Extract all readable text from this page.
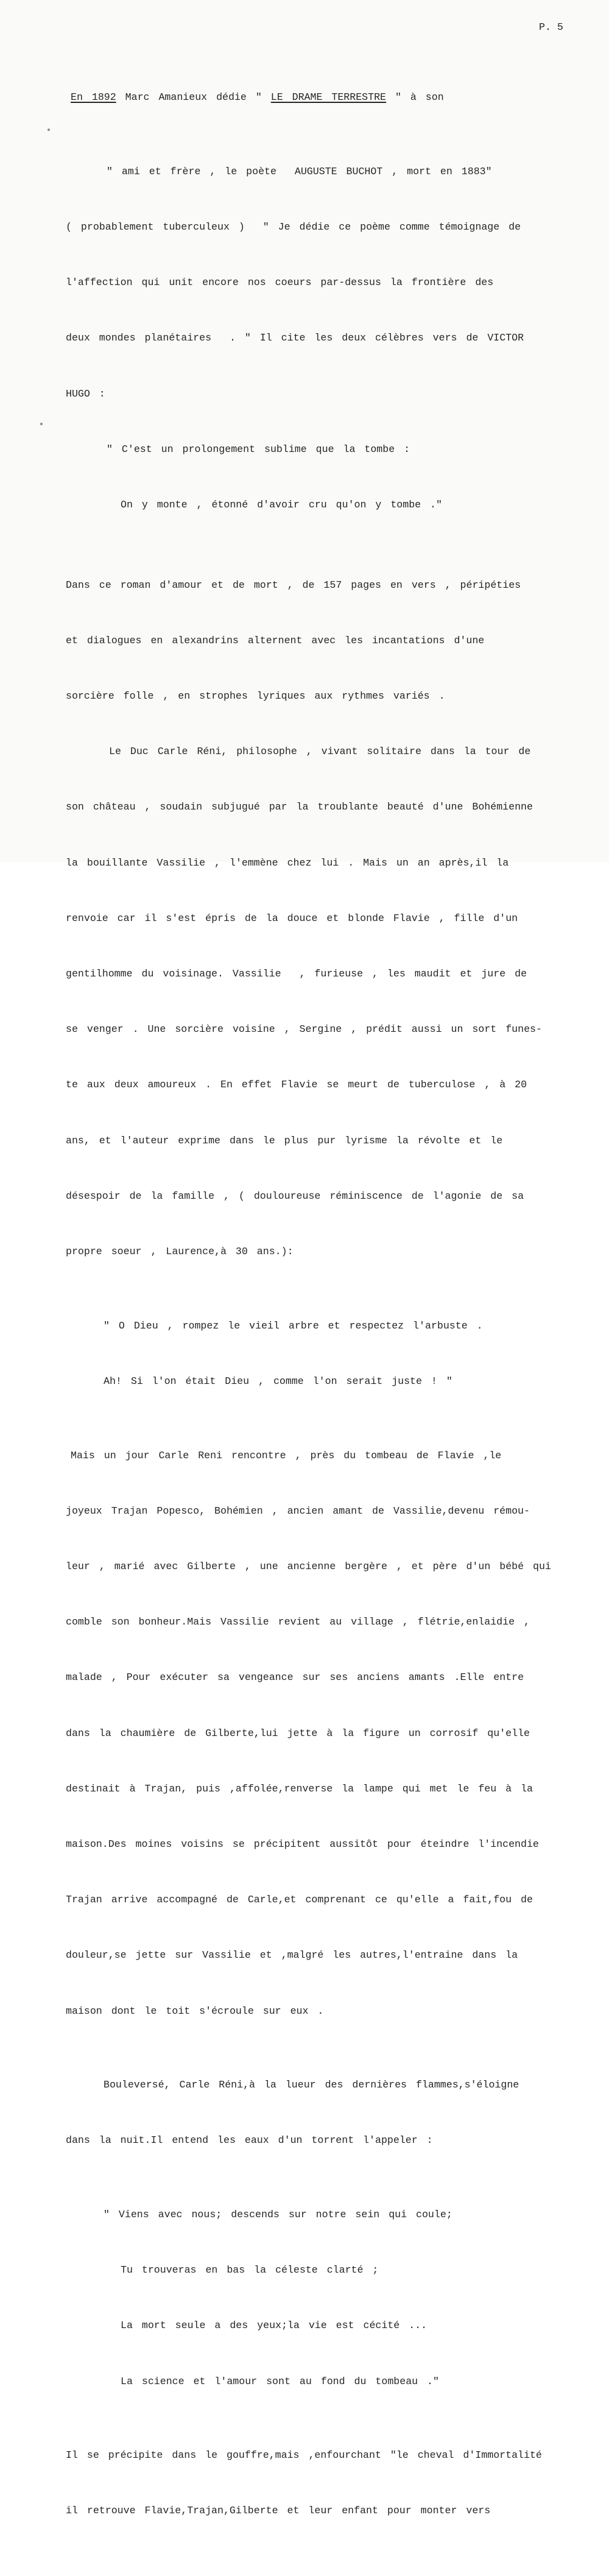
P. 5

En 1892 Marc Amanieux dédie " LE DRAME TERRESTRE " à son

" ami et frère , le poète  AUGUSTE BUCHOT , mort en 1883"

( probablement tuberculeux )  " Je dédie ce poème comme témoignage de

l'affection qui unit encore nos coeurs par-dessus la frontière des

deux mondes planétaires  . " Il cite les deux célèbres vers de VICTOR

HUGO :

" C'est un prolongement sublime que la tombe :

On y monte , étonné d'avoir cru qu'on y tombe ."

Dans ce roman d'amour et de mort , de 157 pages en vers , péripéties

et dialogues en alexandrins alternent avec les incantations d'une

sorcière folle , en strophes lyriques aux rythmes variés .

Le Duc Carle Réni, philosophe , vivant solitaire dans la tour de

son château , soudain subjugué par la troublante beauté d'une Bohémienne

la bouillante Vassilie , l'emmène chez lui . Mais un an après,il la

renvoie car il s'est épris de la douce et blonde Flavie , fille d'un

gentilhomme du voisinage. Vassilie  , furieuse , les maudit et jure de

se venger . Une sorcière voisine , Sergine , prédit aussi un sort funes-

te aux deux amoureux . En effet Flavie se meurt de tuberculose , à 20

ans, et l'auteur exprime dans le plus pur lyrisme la révolte et le

désespoir de la famille , ( douloureuse réminiscence de l'agonie de sa

propre soeur , Laurence,à 30 ans.):

" O Dieu , rompez le vieil arbre et respectez l'arbuste .

Ah! Si l'on était Dieu , comme l'on serait juste ! "

Mais un jour Carle Reni rencontre , près du tombeau de Flavie ,le

joyeux Trajan Popesco, Bohémien , ancien amant de Vassilie,devenu rémou-

leur , marié avec Gilberte , une ancienne bergère , et père d'un bébé qui

comble son bonheur.Mais Vassilie revient au village , flétrie,enlaidie ,

malade , Pour exécuter sa vengeance sur ses anciens amants .Elle entre

dans la chaumière de Gilberte,lui jette à la figure un corrosif qu'elle

destinait à Trajan, puis ,affolée,renverse la lampe qui met le feu à la

maison.Des moines voisins se précipitent aussitôt pour éteindre l'incendie

Trajan arrive accompagné de Carle,et comprenant ce qu'elle a fait,fou de

douleur,se jette sur Vassilie et ,malgré les autres,l'entraine dans la

maison dont le toit s'écroule sur eux .

Bouleversé, Carle Réni,à la lueur des dernières flammes,s'éloigne

dans la nuit.Il entend les eaux d'un torrent l'appeler :

" Viens avec nous; descends sur notre sein qui coule;

Tu trouveras en bas la céleste clarté ;

La mort seule a des yeux;la vie est cécité ...

La science et l'amour sont au fond du tombeau ."

Il se précipite dans le gouffre,mais ,enfourchant "le cheval d'Immortalité

il retrouve Flavie,Trajan,Gilberte et leur enfant pour monter vers
